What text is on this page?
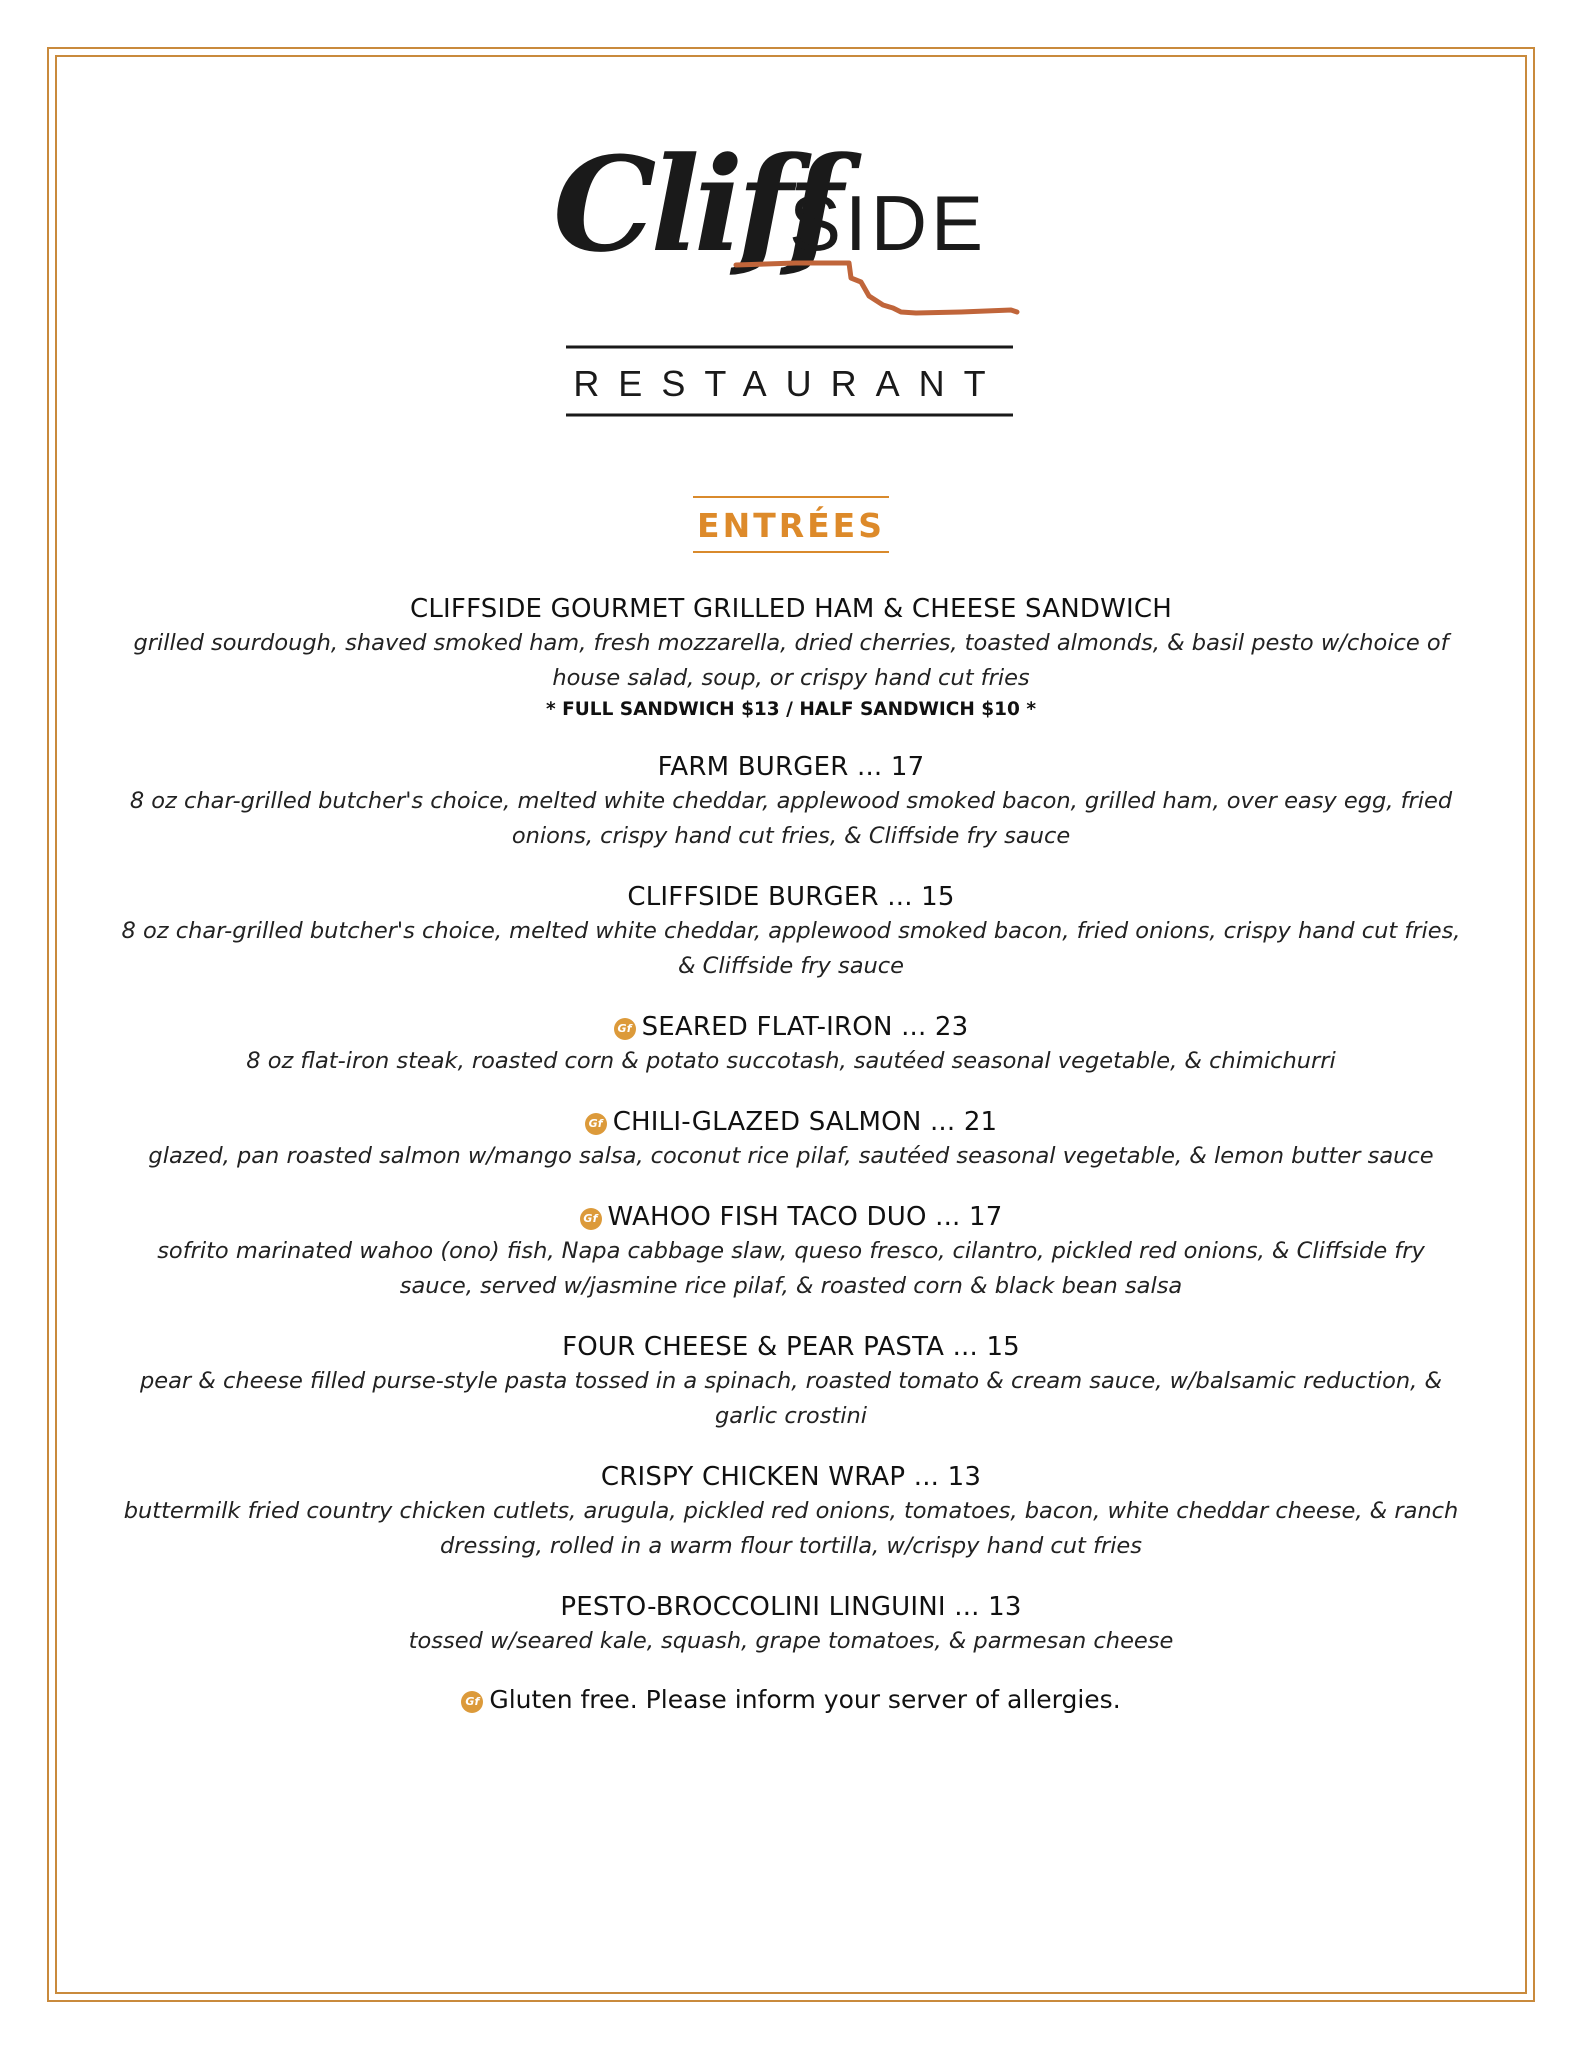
Cliff
SIDE
RESTAURANT
ENTRÉES
CLIFFSIDE GOURMET GRILLED HAM & CHEESE SANDWICH
grilled sourdough, shaved smoked ham, fresh mozzarella, dried cherries, toasted almonds, & basil pesto w/choice of house salad, soup, or crispy hand cut fries
* FULL SANDWICH $13 / HALF SANDWICH $10 *
FARM BURGER ... 17
8 oz char-grilled butcher's choice, melted white cheddar, applewood smoked bacon, grilled ham, over easy egg, fried onions, crispy hand cut fries, & Cliffside fry sauce
CLIFFSIDE BURGER ... 15
8 oz char-grilled butcher's choice, melted white cheddar, applewood smoked bacon, fried onions, crispy hand cut fries, & Cliffside fry sauce
Gf SEARED FLAT-IRON ... 23
8 oz flat-iron steak, roasted corn & potato succotash, sautéed seasonal vegetable, & chimichurri
Gf CHILI-GLAZED SALMON ... 21
glazed, pan roasted salmon w/mango salsa, coconut rice pilaf, sautéed seasonal vegetable, & lemon butter sauce
Gf WAHOO FISH TACO DUO ... 17
sofrito marinated wahoo (ono) fish, Napa cabbage slaw, queso fresco, cilantro, pickled red onions, & Cliffside fry sauce, served w/jasmine rice pilaf, & roasted corn & black bean salsa
FOUR CHEESE & PEAR PASTA ... 15
pear & cheese filled purse-style pasta tossed in a spinach, roasted tomato & cream sauce, w/balsamic reduction, & garlic crostini
CRISPY CHICKEN WRAP ... 13
buttermilk fried country chicken cutlets, arugula, pickled red onions, tomatoes, bacon, white cheddar cheese, & ranch dressing, rolled in a warm flour tortilla, w/crispy hand cut fries
PESTO-BROCCOLINI LINGUINI ... 13
tossed w/seared kale, squash, grape tomatoes, & parmesan cheese
Gf Gluten free. Please inform your server of allergies.
